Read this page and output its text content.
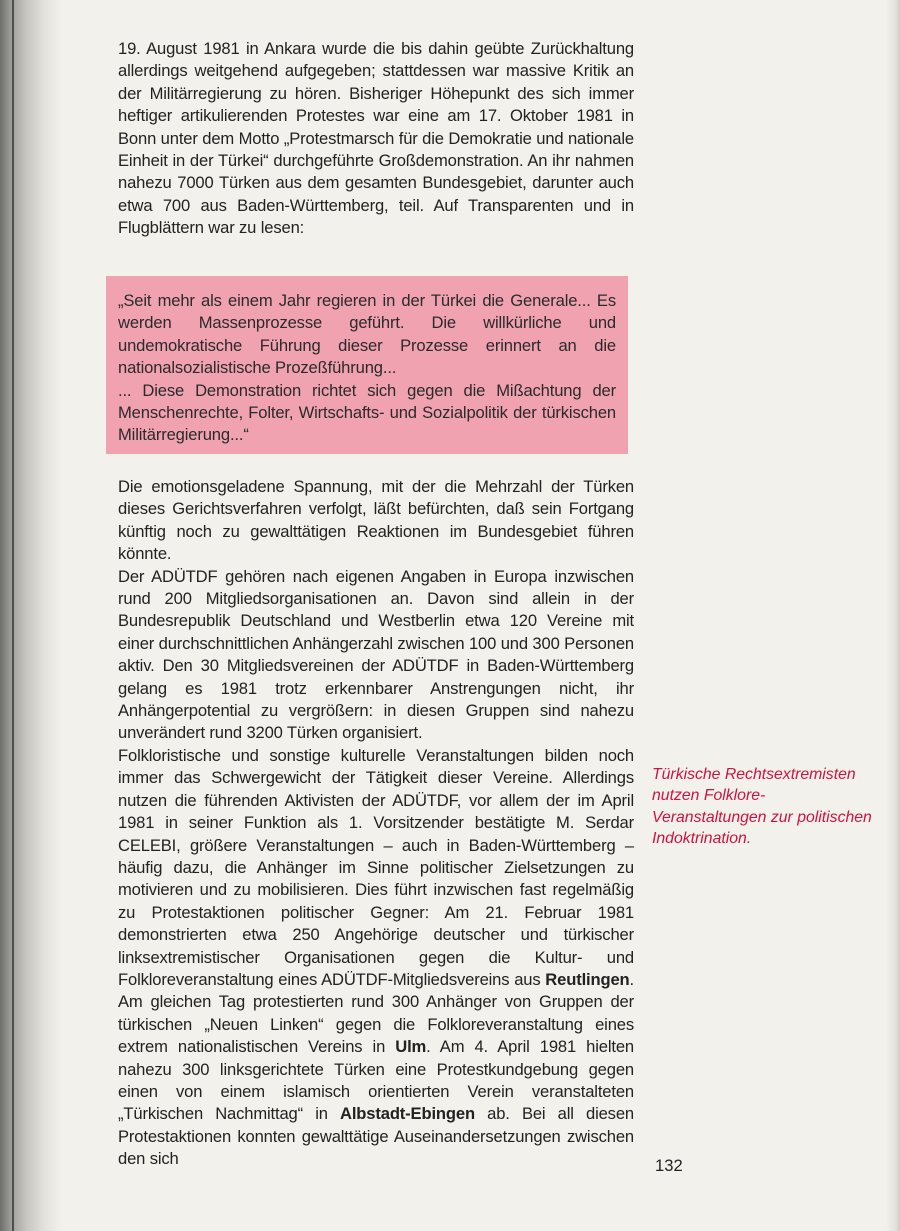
19. August 1981 in Ankara wurde die bis dahin geübte Zurückhaltung allerdings weitgehend aufgegeben; stattdessen war massive Kritik an der Militärregierung zu hören. Bisheriger Höhepunkt des sich immer heftiger artikulierenden Protestes war eine am 17. Oktober 1981 in Bonn unter dem Motto „Protestmarsch für die Demokratie und nationale Einheit in der Türkei“ durchgeführte Großdemonstration. An ihr nahmen nahezu 7000 Türken aus dem gesamten Bundesgebiet, darunter auch etwa 700 aus Baden-Württemberg, teil. Auf Transparenten und in Flugblättern war zu lesen:

„Seit mehr als einem Jahr regieren in der Türkei die Generale... Es werden Massenprozesse geführt. Die willkürliche und undemokratische Führung dieser Prozesse erinnert an die nationalsozialistische Prozeßführung...

... Diese Demonstration richtet sich gegen die Mißachtung der Menschenrechte, Folter, Wirtschafts- und Sozialpolitik der türkischen Militärregierung...“

Die emotionsgeladene Spannung, mit der die Mehrzahl der Türken dieses Gerichtsverfahren verfolgt, läßt befürchten, daß sein Fortgang künftig noch zu gewalttätigen Reaktionen im Bundesgebiet führen könnte.

Der ADÜTDF gehören nach eigenen Angaben in Europa inzwischen rund 200 Mitgliedsorganisationen an. Davon sind allein in der Bundesrepublik Deutschland und Westberlin etwa 120 Vereine mit einer durchschnittlichen Anhängerzahl zwischen 100 und 300 Personen aktiv. Den 30 Mitgliedsvereinen der ADÜTDF in Baden-Württemberg gelang es 1981 trotz erkennbarer Anstrengungen nicht, ihr Anhängerpotential zu vergrößern: in diesen Gruppen sind nahezu unverändert rund 3200 Türken organisiert.

Folkloristische und sonstige kulturelle Veranstaltungen bilden noch immer das Schwergewicht der Tätigkeit dieser Vereine. Allerdings nutzen die führenden Aktivisten der ADÜTDF, vor allem der im April 1981 in seiner Funktion als 1. Vorsitzender bestätigte M. Serdar CELEBI, größere Veranstaltungen – auch in Baden-Württemberg – häufig dazu, die Anhänger im Sinne politischer Zielsetzungen zu motivieren und zu mobilisieren. Dies führt inzwischen fast regelmäßig zu Protestaktionen politischer Gegner: Am 21. Februar 1981 demonstrierten etwa 250 Angehörige deutscher und türkischer linksextremistischer Organisationen gegen die Kultur- und Folkloreveranstaltung eines ADÜTDF-Mitgliedsvereins aus Reutlingen. Am gleichen Tag protestierten rund 300 Anhänger von Gruppen der türkischen „Neuen Linken“ gegen die Folkloreveranstaltung eines extrem nationalistischen Vereins in Ulm. Am 4. April 1981 hielten nahezu 300 linksgerichtete Türken eine Protestkundgebung gegen einen von einem islamisch orientierten Verein veranstalteten „Türkischen Nachmittag“ in Albstadt-Ebingen ab. Bei all diesen Protestaktionen konnten gewalttätige Auseinandersetzungen zwischen den sich

Türkische Rechtsextremisten nutzen Folklore-Veranstaltungen zur politischen Indoktrination.
132
